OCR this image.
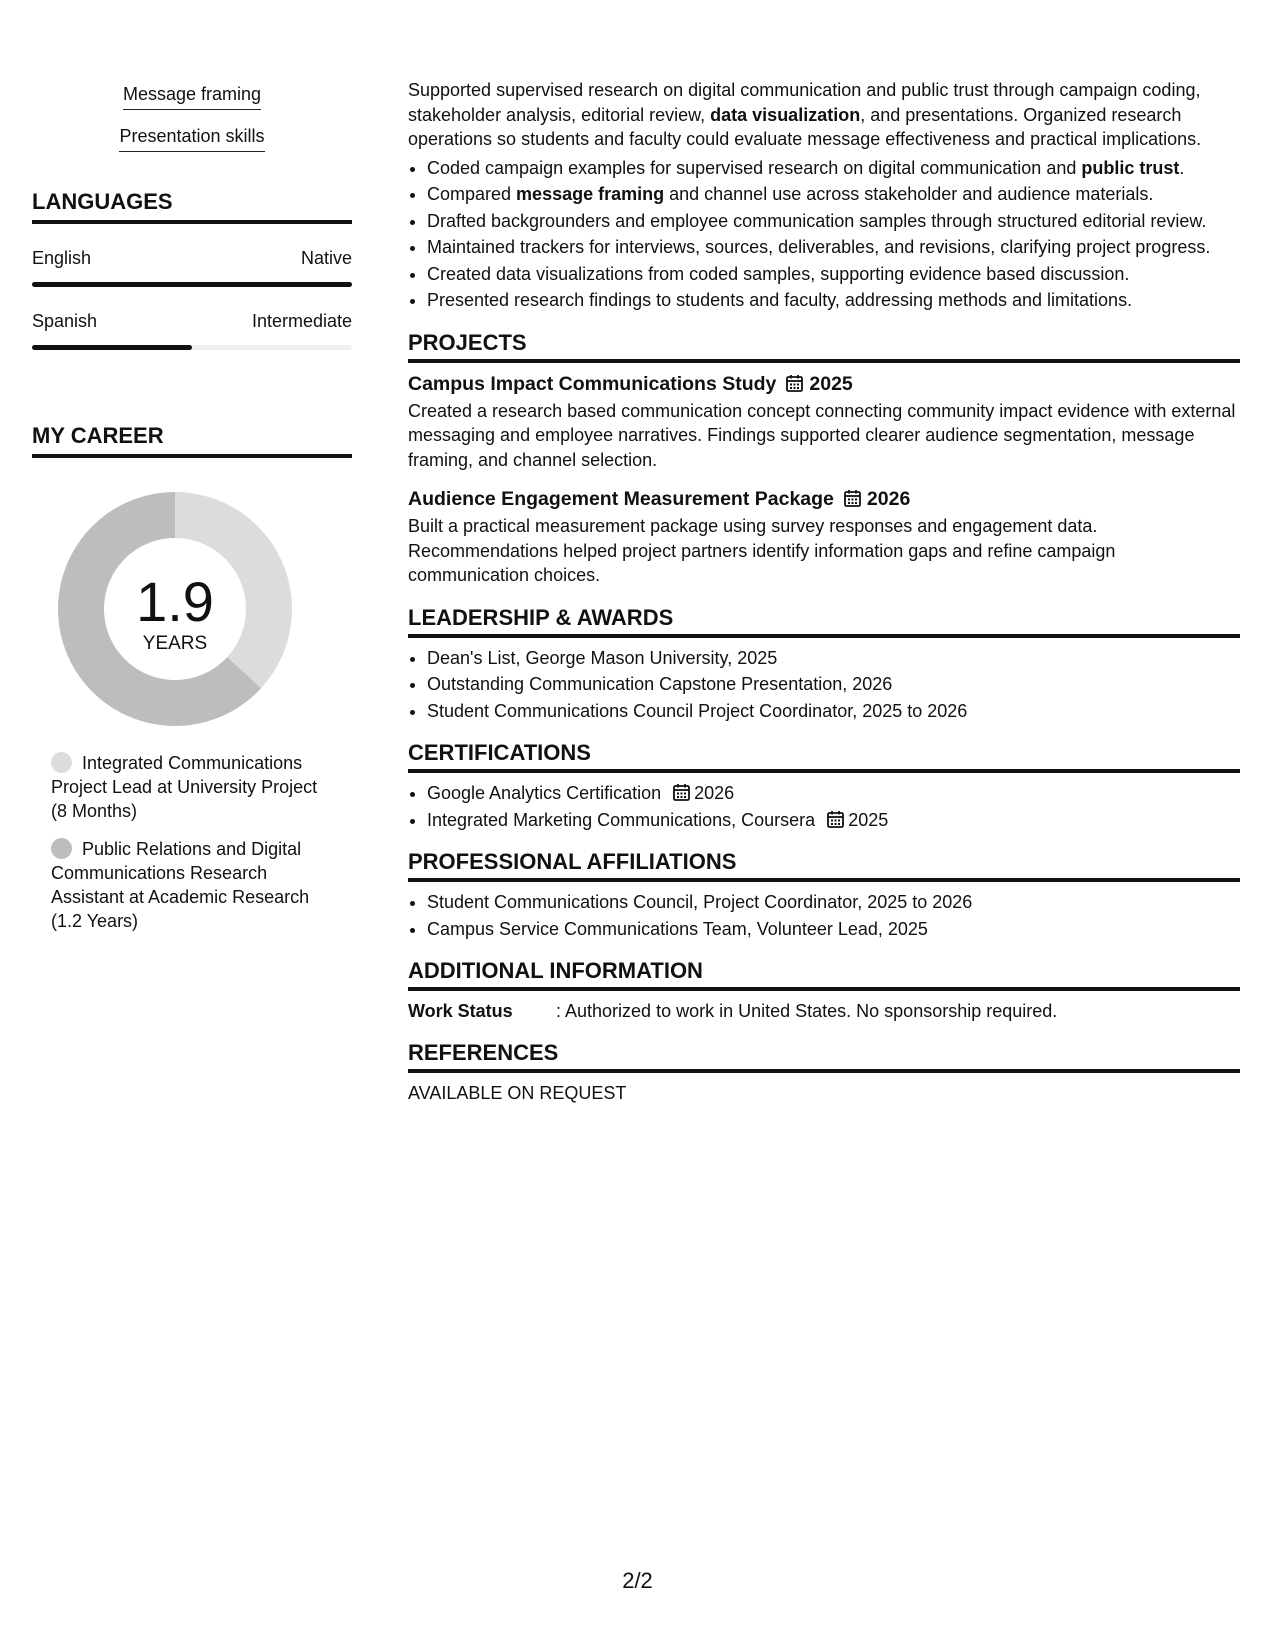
Message framing
Presentation skills
LANGUAGES
English	Native
Spanish	Intermediate
MY CAREER
1.9
YEARS
Integrated Communications Project Lead at University Project (8 Months)
Public Relations and Digital Communications Research Assistant at Academic Research (1.2 Years)

Supported supervised research on digital communication and public trust through campaign coding, stakeholder analysis, editorial review, data visualization, and presentations. Organized research operations so students and faculty could evaluate message effectiveness and practical implications.

• Coded campaign examples for supervised research on digital communication and public trust.
• Compared message framing and channel use across stakeholder and audience materials.
• Drafted backgrounders and employee communication samples through structured editorial review.
• Maintained trackers for interviews, sources, deliverables, and revisions, clarifying project progress.
• Created data visualizations from coded samples, supporting evidence based discussion.
• Presented research findings to students and faculty, addressing methods and limitations.
PROJECTS
Campus Impact Communications Study 2025

Created a research based communication concept connecting community impact evidence with external messaging and employee narratives. Findings supported clearer audience segmentation, message framing, and channel selection.

Audience Engagement Measurement Package 2026

Built a practical measurement package using survey responses and engagement data. Recommendations helped project partners identify information gaps and refine campaign communication choices.

LEADERSHIP & AWARDS
• Dean's List, George Mason University, 2025
• Outstanding Communication Capstone Presentation, 2026
• Student Communications Council Project Coordinator, 2025 to 2026
CERTIFICATIONS
• Google Analytics Certification 2026
• Integrated Marketing Communications, Coursera 2025
PROFESSIONAL AFFILIATIONS
• Student Communications Council, Project Coordinator, 2025 to 2026
• Campus Service Communications Team, Volunteer Lead, 2025
ADDITIONAL INFORMATION
Work Status : Authorized to work in United States. No sponsorship required.
REFERENCES
AVAILABLE ON REQUEST
2/2
